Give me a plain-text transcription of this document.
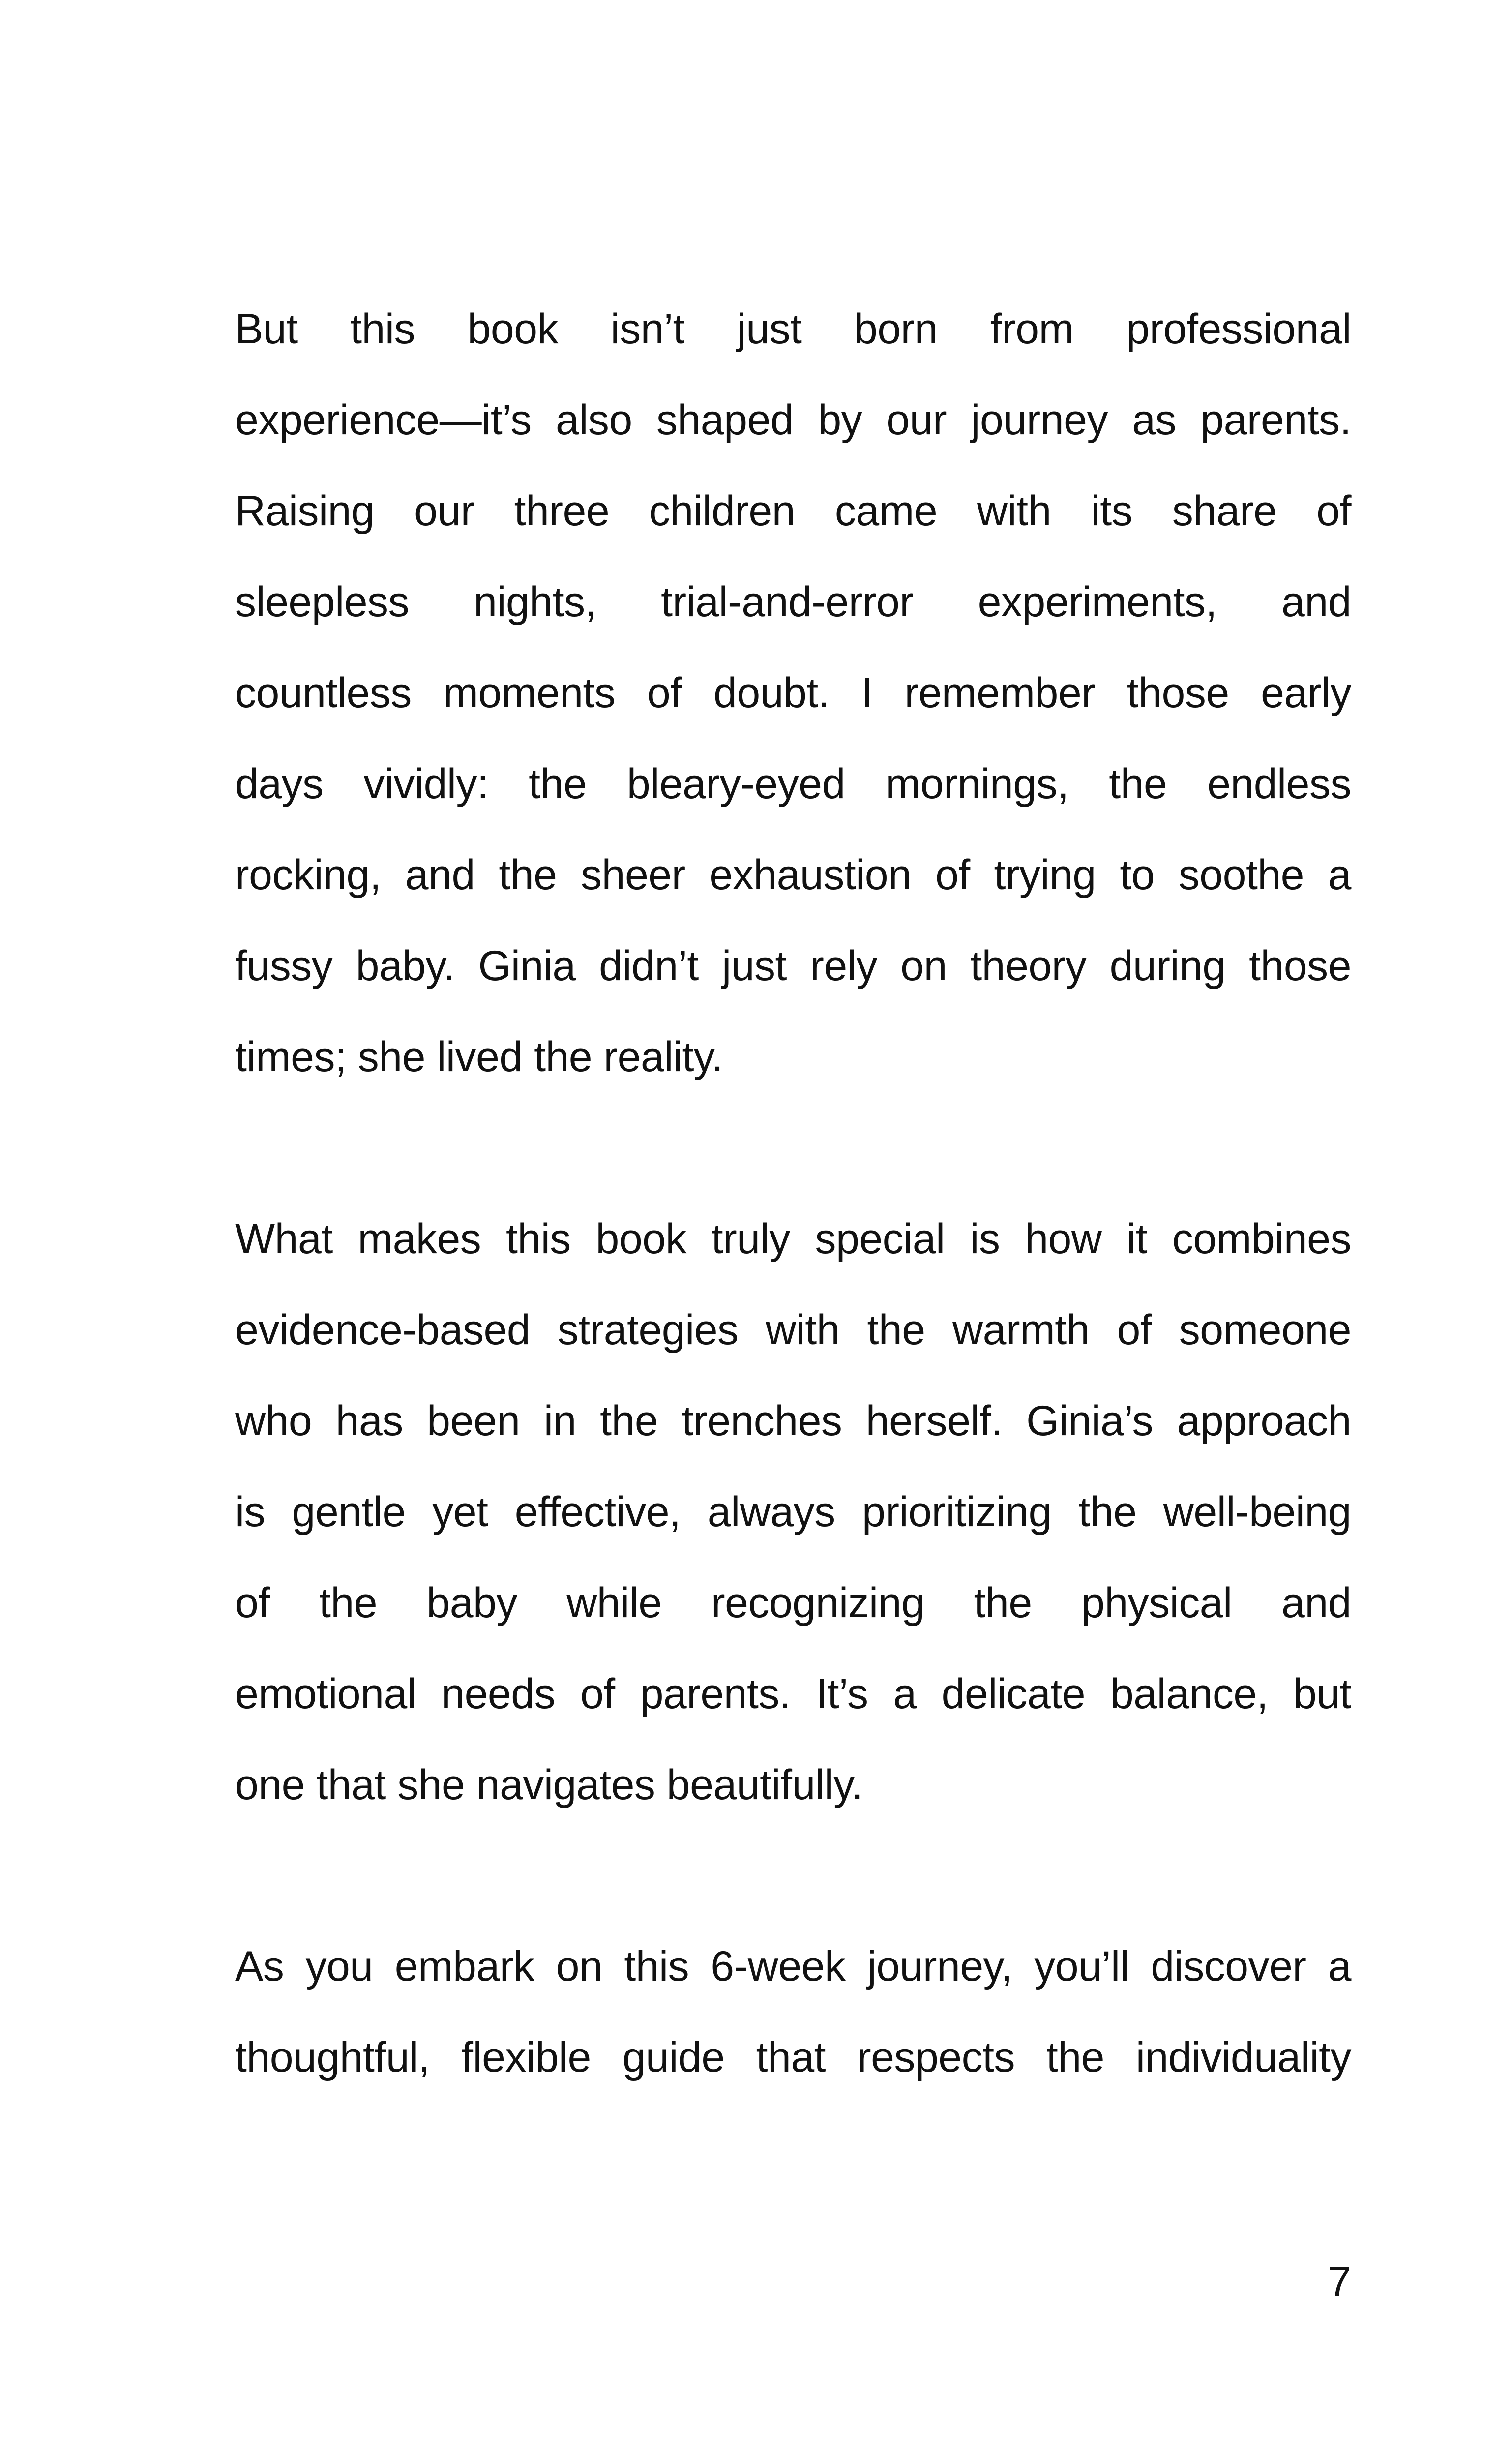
But this book isn’t just born from professional
experience—it’s also shaped by our journey as parents.
Raising our three children came with its share of
sleepless nights, trial-and-error experiments, and
countless moments of doubt. I remember those early
days vividly: the bleary-eyed mornings, the endless
rocking, and the sheer exhaustion of trying to soothe a
fussy baby. Ginia didn’t just rely on theory during those
times; she lived the reality.
What makes this book truly special is how it combines
evidence-based strategies with the warmth of someone
who has been in the trenches herself. Ginia’s approach
is gentle yet effective, always prioritizing the well-being
of the baby while recognizing the physical and
emotional needs of parents. It’s a delicate balance, but
one that she navigates beautifully.
As you embark on this 6-week journey, you’ll discover a
thoughtful, flexible guide that respects the individuality
7
